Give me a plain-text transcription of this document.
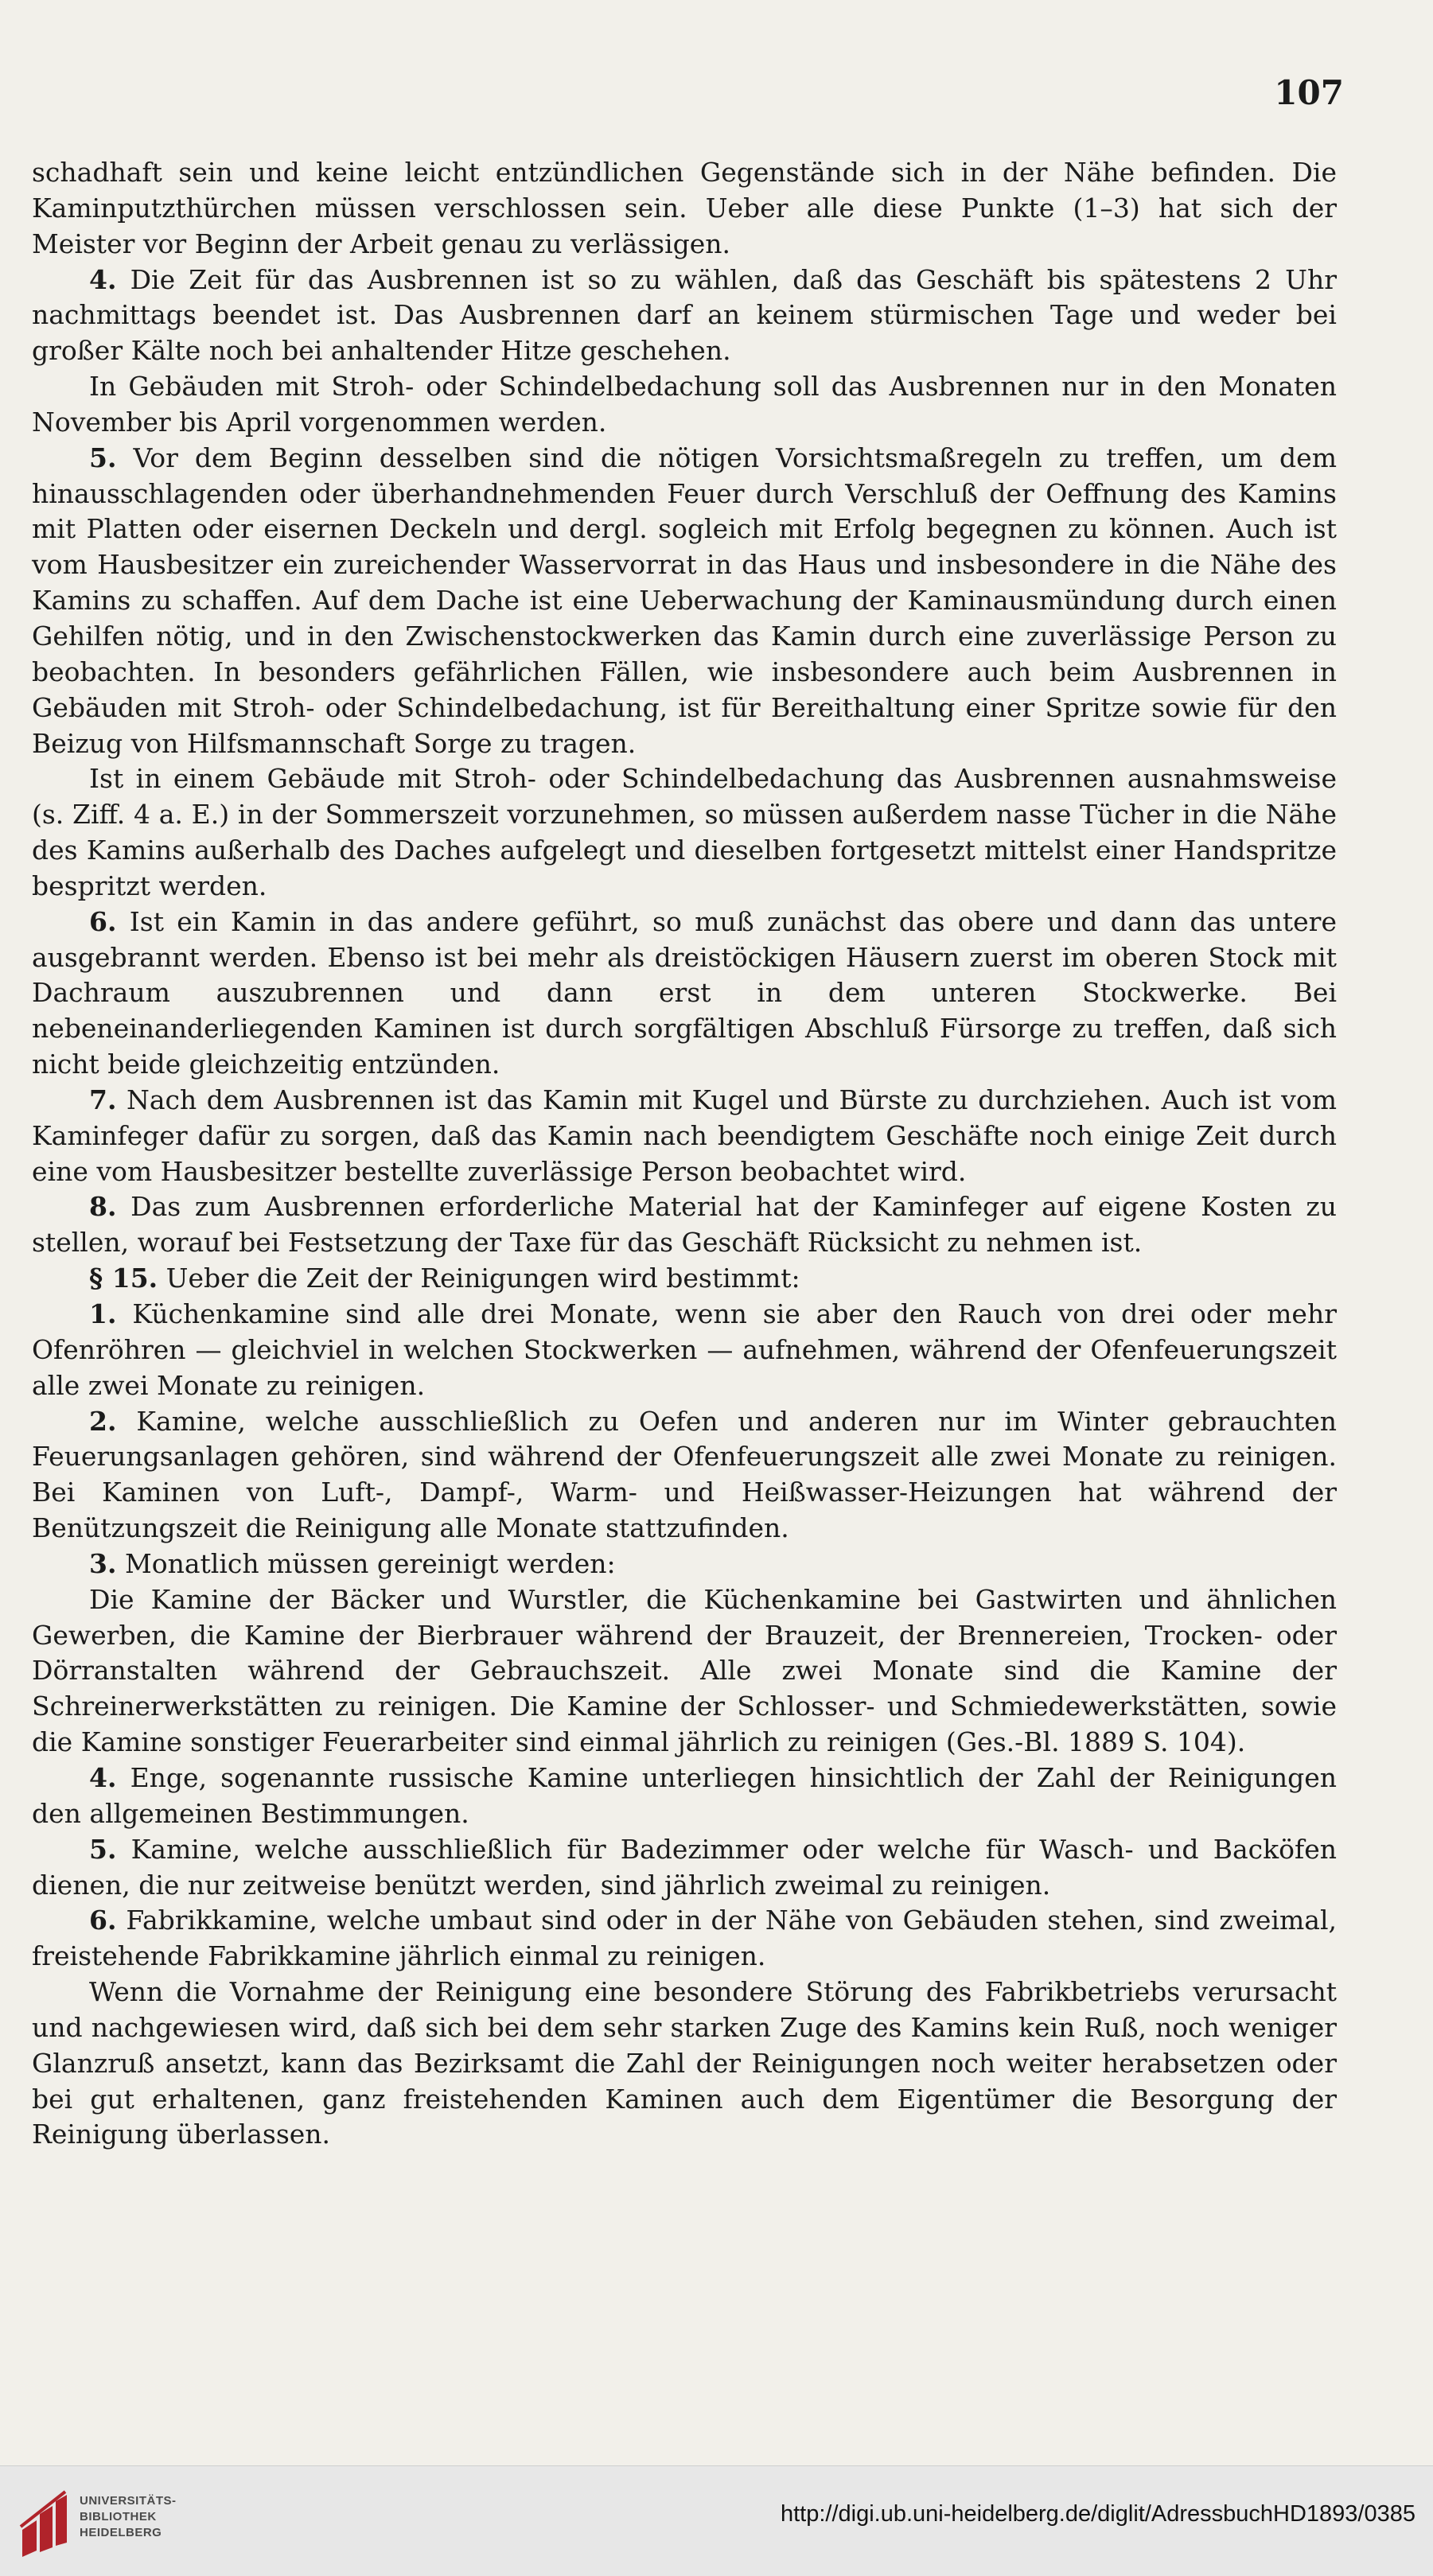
107

schadhaft sein und keine leicht entzündlichen Gegenstände sich in der Nähe befinden. Die Kaminputzthürchen müssen verschlossen sein. Ueber alle diese Punkte (1–3) hat sich der Meister vor Beginn der Arbeit genau zu verlässigen.

4. Die Zeit für das Ausbrennen ist so zu wählen, daß das Geschäft bis spätestens 2 Uhr nachmittags beendet ist. Das Ausbrennen darf an keinem stürmischen Tage und weder bei großer Kälte noch bei anhaltender Hitze geschehen.

In Gebäuden mit Stroh- oder Schindelbedachung soll das Ausbrennen nur in den Monaten November bis April vorgenommen werden.

5. Vor dem Beginn desselben sind die nötigen Vorsichtsmaßregeln zu treffen, um dem hinausschlagenden oder überhandnehmenden Feuer durch Verschluß der Oeffnung des Kamins mit Platten oder eisernen Deckeln und dergl. sogleich mit Erfolg begegnen zu können. Auch ist vom Hausbesitzer ein zureichender Wasservorrat in das Haus und insbesondere in die Nähe des Kamins zu schaffen. Auf dem Dache ist eine Ueberwachung der Kaminausmündung durch einen Gehilfen nötig, und in den Zwischenstockwerken das Kamin durch eine zuverlässige Person zu beobachten. In besonders gefährlichen Fällen, wie insbesondere auch beim Ausbrennen in Gebäuden mit Stroh- oder Schindelbedachung, ist für Bereithaltung einer Spritze sowie für den Beizug von Hilfsmannschaft Sorge zu tragen.

Ist in einem Gebäude mit Stroh- oder Schindelbedachung das Ausbrennen ausnahmsweise (s. Ziff. 4 a. E.) in der Sommerszeit vorzunehmen, so müssen außerdem nasse Tücher in die Nähe des Kamins außerhalb des Daches aufgelegt und dieselben fortgesetzt mittelst einer Handspritze bespritzt werden.

6. Ist ein Kamin in das andere geführt, so muß zunächst das obere und dann das untere ausgebrannt werden. Ebenso ist bei mehr als dreistöckigen Häusern zuerst im oberen Stock mit Dachraum auszubrennen und dann erst in dem unteren Stockwerke. Bei nebeneinanderliegenden Kaminen ist durch sorgfältigen Abschluß Fürsorge zu treffen, daß sich nicht beide gleichzeitig entzünden.

7. Nach dem Ausbrennen ist das Kamin mit Kugel und Bürste zu durchziehen. Auch ist vom Kaminfeger dafür zu sorgen, daß das Kamin nach beendigtem Geschäfte noch einige Zeit durch eine vom Hausbesitzer bestellte zuverlässige Person beobachtet wird.

8. Das zum Ausbrennen erforderliche Material hat der Kaminfeger auf eigene Kosten zu stellen, worauf bei Festsetzung der Taxe für das Geschäft Rücksicht zu nehmen ist.

§ 15. Ueber die Zeit der Reinigungen wird bestimmt:

1. Küchenkamine sind alle drei Monate, wenn sie aber den Rauch von drei oder mehr Ofenröhren — gleichviel in welchen Stockwerken — aufnehmen, während der Ofenfeuerungszeit alle zwei Monate zu reinigen.

2. Kamine, welche ausschließlich zu Oefen und anderen nur im Winter gebrauchten Feuerungsanlagen gehören, sind während der Ofenfeuerungszeit alle zwei Monate zu reinigen. Bei Kaminen von Luft-, Dampf-, Warm- und Heißwasser-Heizungen hat während der Benützungszeit die Reinigung alle Monate stattzufinden.

3. Monatlich müssen gereinigt werden:

Die Kamine der Bäcker und Wurstler, die Küchenkamine bei Gastwirten und ähnlichen Gewerben, die Kamine der Bierbrauer während der Brauzeit, der Brennereien, Trocken- oder Dörranstalten während der Gebrauchszeit. Alle zwei Monate sind die Kamine der Schreinerwerkstätten zu reinigen. Die Kamine der Schlosser- und Schmiedewerkstätten, sowie die Kamine sonstiger Feuerarbeiter sind einmal jährlich zu reinigen (Ges.-Bl. 1889 S. 104).

4. Enge, sogenannte russische Kamine unterliegen hinsichtlich der Zahl der Reinigungen den allgemeinen Bestimmungen.

5. Kamine, welche ausschließlich für Badezimmer oder welche für Wasch- und Backöfen dienen, die nur zeitweise benützt werden, sind jährlich zweimal zu reinigen.

6. Fabrikkamine, welche umbaut sind oder in der Nähe von Gebäuden stehen, sind zweimal, freistehende Fabrikkamine jährlich einmal zu reinigen.

Wenn die Vornahme der Reinigung eine besondere Störung des Fabrikbetriebs verursacht und nachgewiesen wird, daß sich bei dem sehr starken Zuge des Kamins kein Ruß, noch weniger Glanzruß ansetzt, kann das Bezirksamt die Zahl der Reinigungen noch weiter herabsetzen oder bei gut erhaltenen, ganz freistehenden Kaminen auch dem Eigentümer die Besorgung der Reinigung überlassen.

UNIVERSITÄTS-
BIBLIOTHEK
HEIDELBERG
http://digi.ub.uni-heidelberg.de/diglit/AdressbuchHD1893/0385
